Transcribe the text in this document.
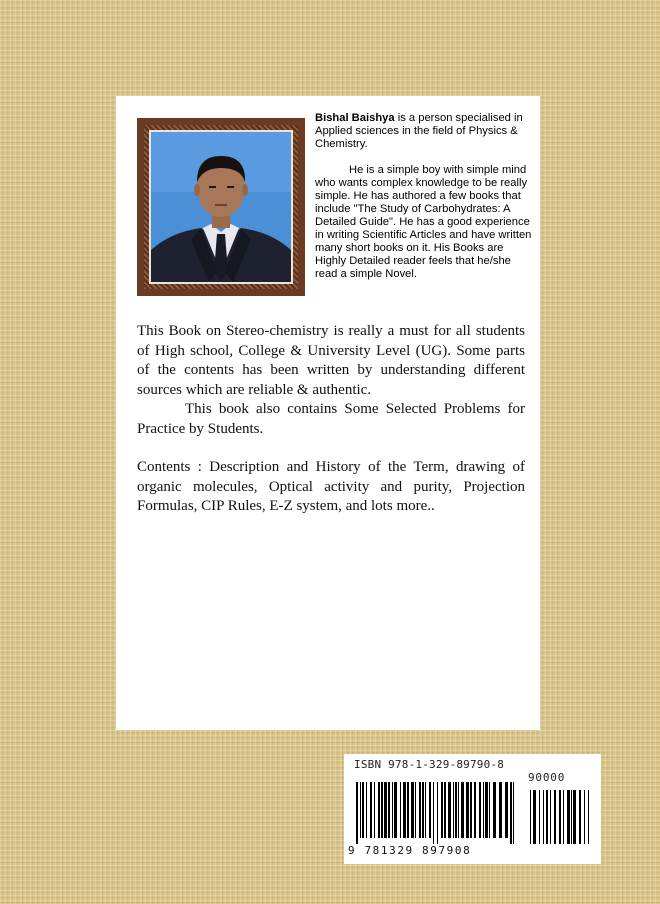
Bishal Baishya is a person specialised in Applied sciences in the field of Physics & Chemistry.

He is a simple boy with simple mind who wants complex knowledge to be really simple. He has authored a few books that include "The Study of Carbohydrates: A Detailed Guide". He has a good experience in writing Scientific Articles and have written many short books on it. His Books are Highly Detailed reader feels that he/she read a simple Novel.

This Book on Stereo-chemistry is really a must for all students of High school, College & University Level (UG). Some parts of the contents has been written by understanding different sources which are reliable & authentic.

This book also contains Some Selected Problems for Practice by Students.

Contents : Description and History of the Term, drawing of organic molecules, Optical activity and purity, Projection Formulas, CIP Rules, E-Z system, and lots more..

ISBN 978-1-329-89790-8
90000
9 781329 897908
